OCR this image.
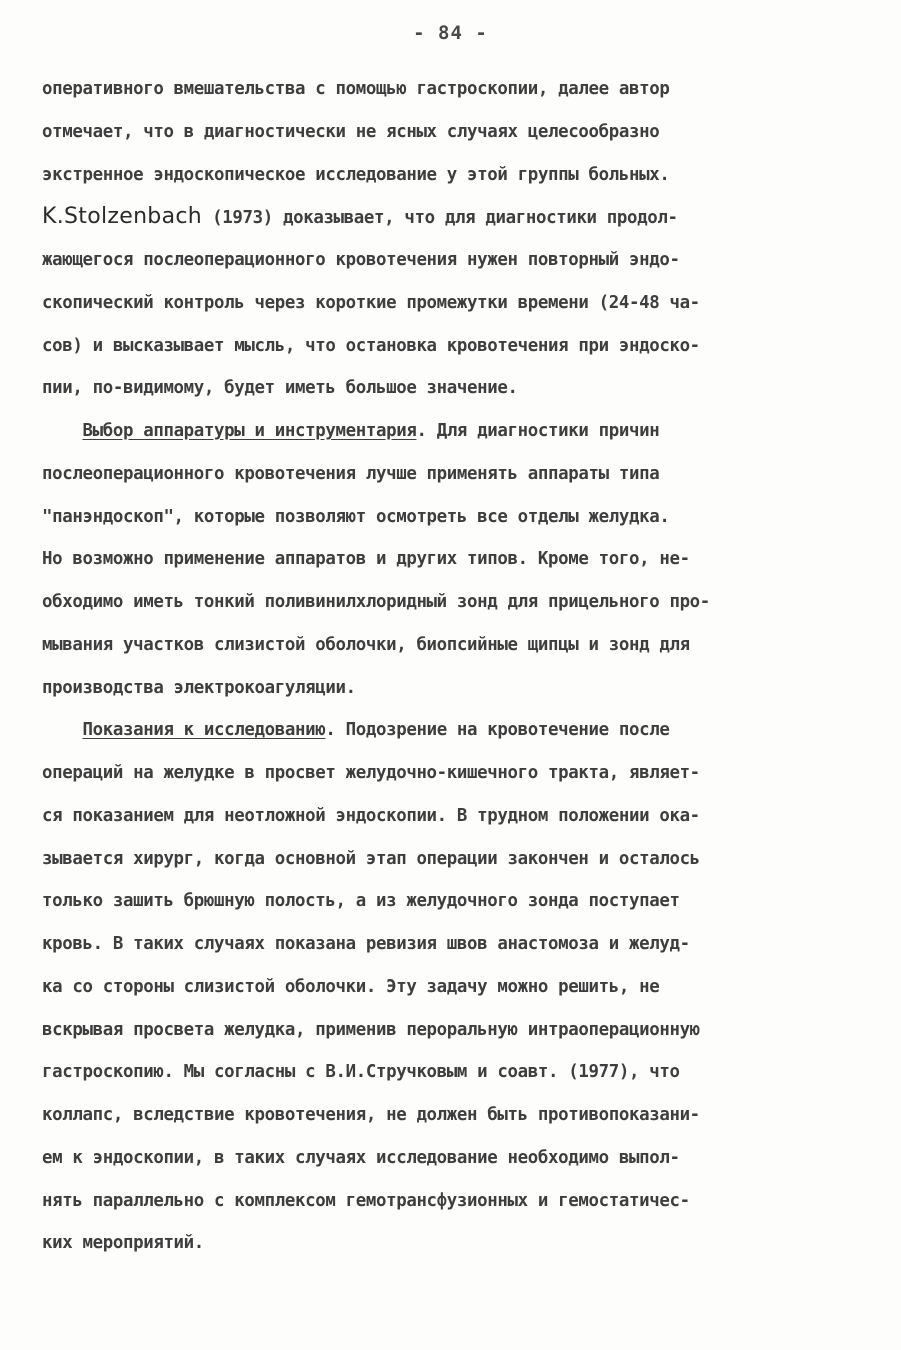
- 84 -
оперативного вмешательства с помощью гастроскопии, далее автор
отмечает, что в диагностически не ясных случаях целесообразно
экстренное эндоскопическое исследование у этой группы больных.
K.Stolzenbach (1973) доказывает, что для диагностики продол-
жающегося послеоперационного кровотечения нужен повторный эндо-
скопический контроль через короткие промежутки времени (24-48 ча-
сов) и высказывает мысль, что остановка кровотечения при эндоско-
пии, по-видимому, будет иметь большое значение.
Выбор аппаратуры и инструментария. Для диагностики причин
послеоперационного кровотечения лучше применять аппараты типа
"панэндоскоп", которые позволяют осмотреть все отделы желудка.
Но возможно применение аппаратов и других типов. Кроме того, не-
обходимо иметь тонкий поливинилхлоридный зонд для прицельного про-
мывания участков слизистой оболочки, биопсийные щипцы и зонд для
производства электрокоагуляции.
Показания к исследованию. Подозрение на кровотечение после
операций на желудке в просвет желудочно-кишечного тракта, являет-
ся показанием для неотложной эндоскопии. В трудном положении ока-
зывается хирург, когда основной этап операции закончен и осталось
только зашить брюшную полость, а из желудочного зонда поступает
кровь. В таких случаях показана ревизия швов анастомоза и желуд-
ка со стороны слизистой оболочки. Эту задачу можно решить, не
вскрывая просвета желудка, применив пероральную интраоперационную
гастроскопию. Мы согласны с В.И.Стручковым и соавт. (1977), что
коллапс, вследствие кровотечения, не должен быть противопоказани-
ем к эндоскопии, в таких случаях исследование необходимо выпол-
нять параллельно с комплексом гемотрансфузионных и гемостатичес-
ких мероприятий.
